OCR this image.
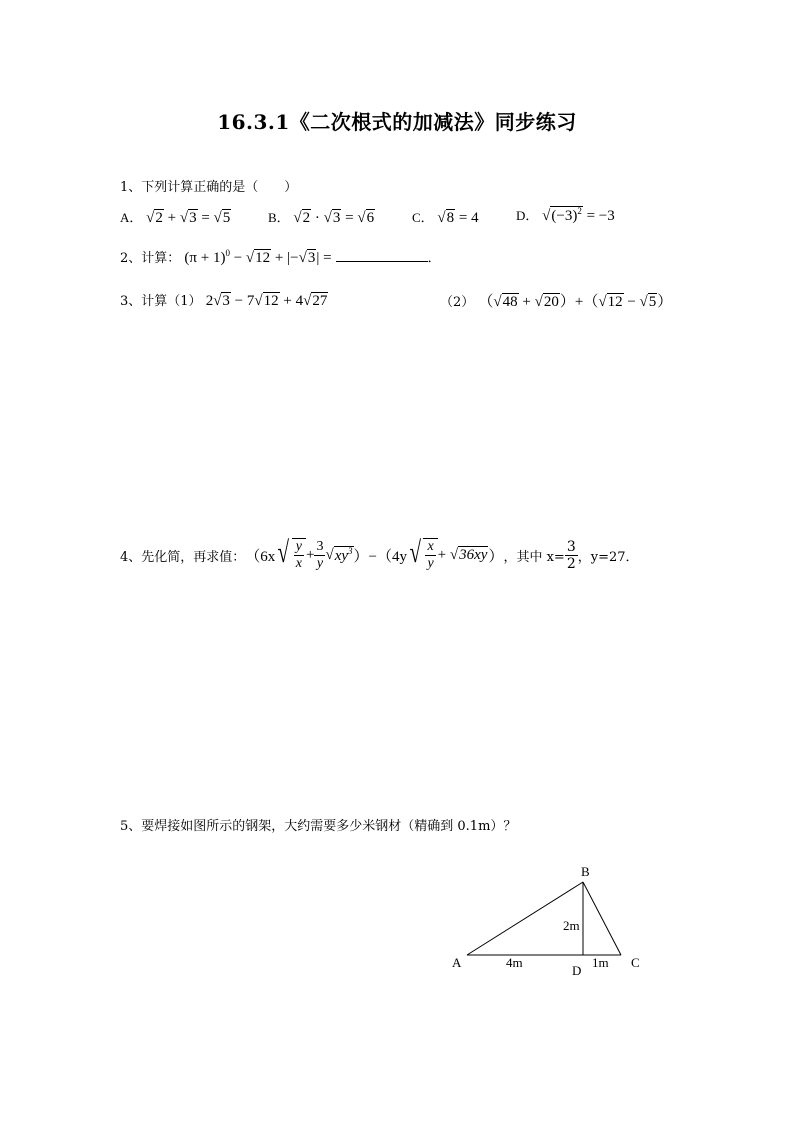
16.3.1《二次根式的加减法》同步练习
1、下列计算正确的是（　　）
A． √2 + √3 = √5	B． √2 · √3 = √6	C． √8 = 4	D． $√(-3)^2 = -3$
2、计算： $(\pi + 1)^0 - √12 + |-√3|$ =	．
3、计算（1） 2√3 − 7√12 + 4√27	（2） （√48 + √20）+（√12 − √5）
4、先化简，再求值： （6x √ $\frac{y}{x} + \frac{3}{y}$ √ $xy^3$ ）−（4y √ $\frac{x}{y}$ + √ 36xy ） ，其中 $x= \frac{3}{2}$ ，y=27．
5、要焊接如图所示的钢架，大约需要多少米钢材（精确到 0.1m）？
A
B
C
D
4m
2m
1m
